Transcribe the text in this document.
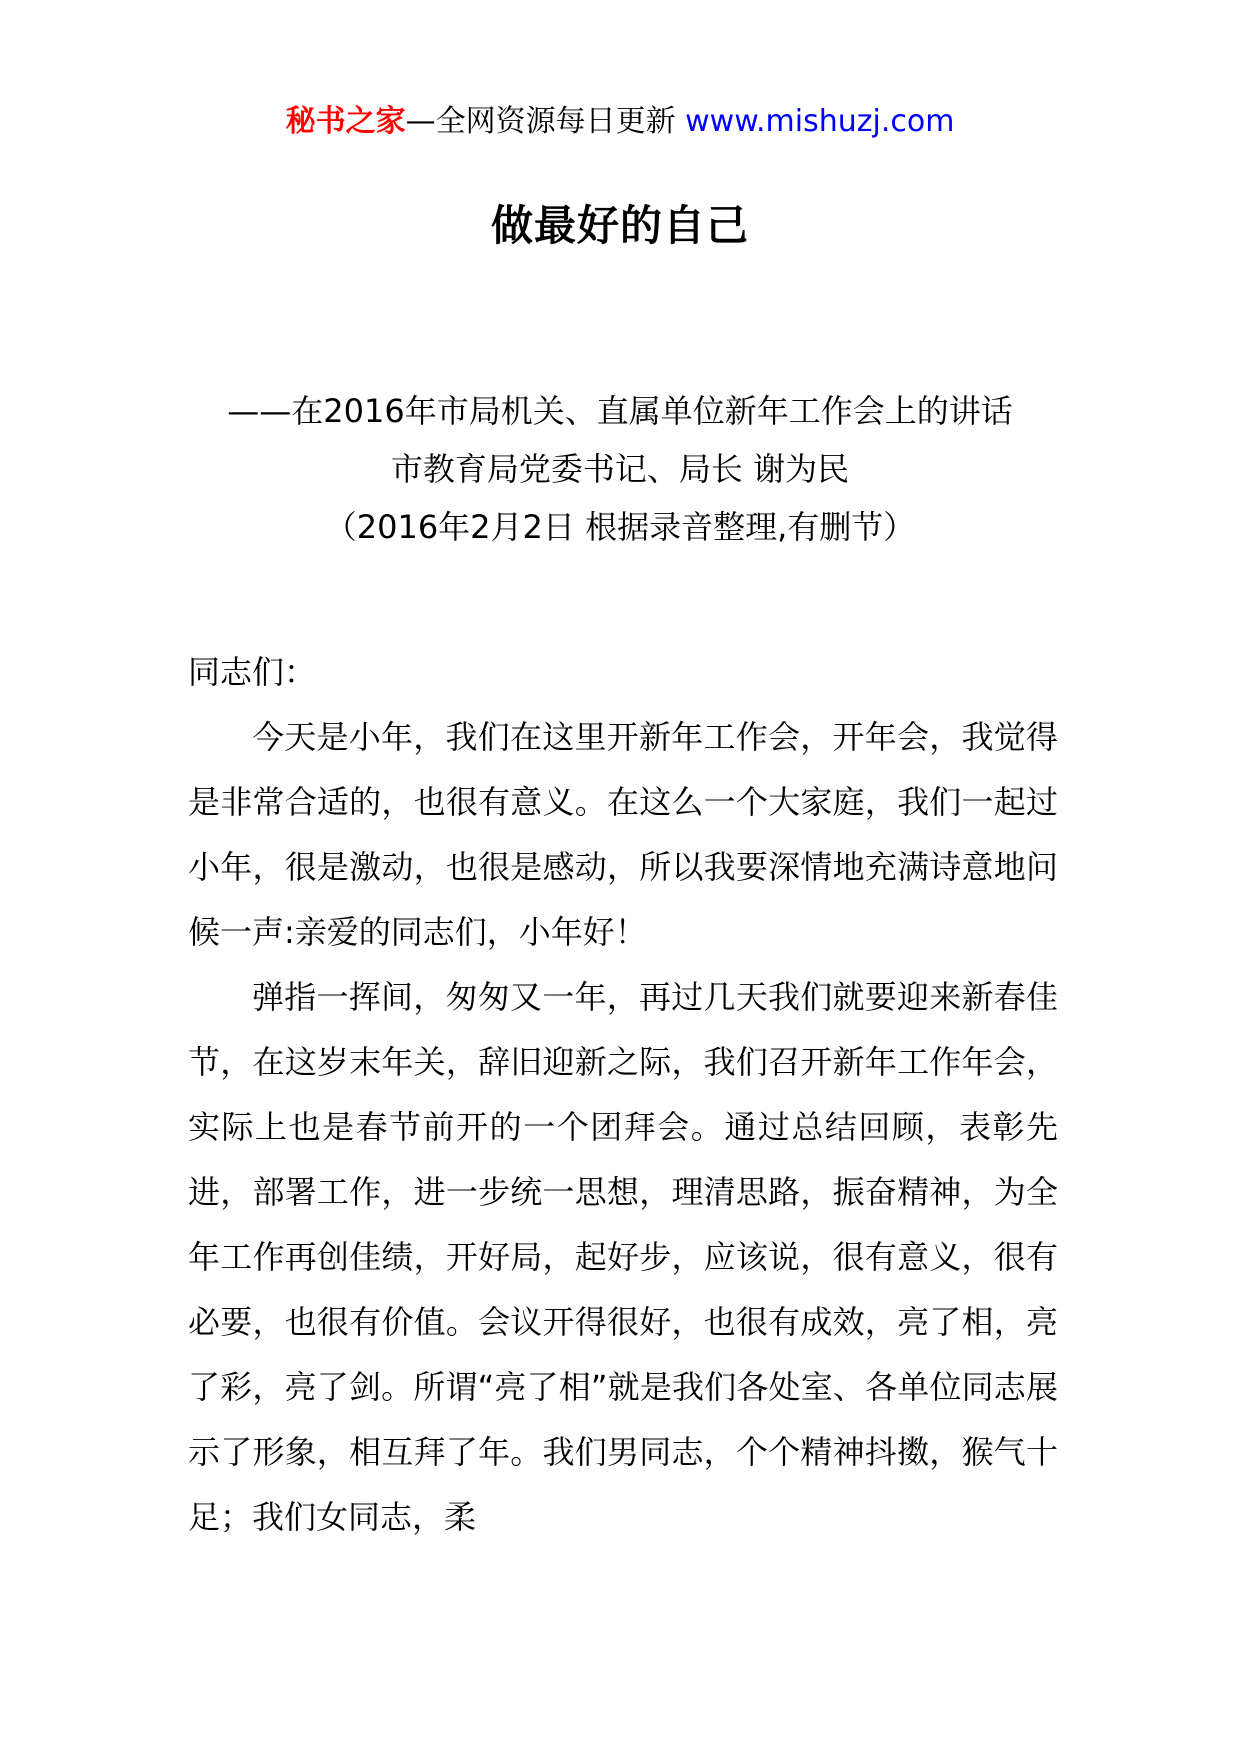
秘书之家—全网资源每日更新 www.mishuzj.com
做最好的自己
——在2016年市局机关、直属单位新年工作会上的讲话
市教育局党委书记、局长 谢为民
（2016年2月2日 根据录音整理,有删节）

同志们：

今天是小年，我们在这里开新年工作会，开年会，我觉得是非常合适的，也很有意义。在这么一个大家庭，我们一起过小年，很是激动，也很是感动，所以我要深情地充满诗意地问候一声:亲爱的同志们，小年好！

弹指一挥间，匆匆又一年，再过几天我们就要迎来新春佳节，在这岁末年关，辞旧迎新之际，我们召开新年工作年会，实际上也是春节前开的一个团拜会。通过总结回顾，表彰先进，部署工作，进一步统一思想，理清思路，振奋精神，为全年工作再创佳绩，开好局，起好步，应该说，很有意义，很有必要，也很有价值。会议开得很好，也很有成效，亮了相，亮了彩，亮了剑。所谓“亮了相”就是我们各处室、各单位同志展示了形象，相互拜了年。我们男同志，个个精神抖擞，猴气十足；我们女同志，柔
